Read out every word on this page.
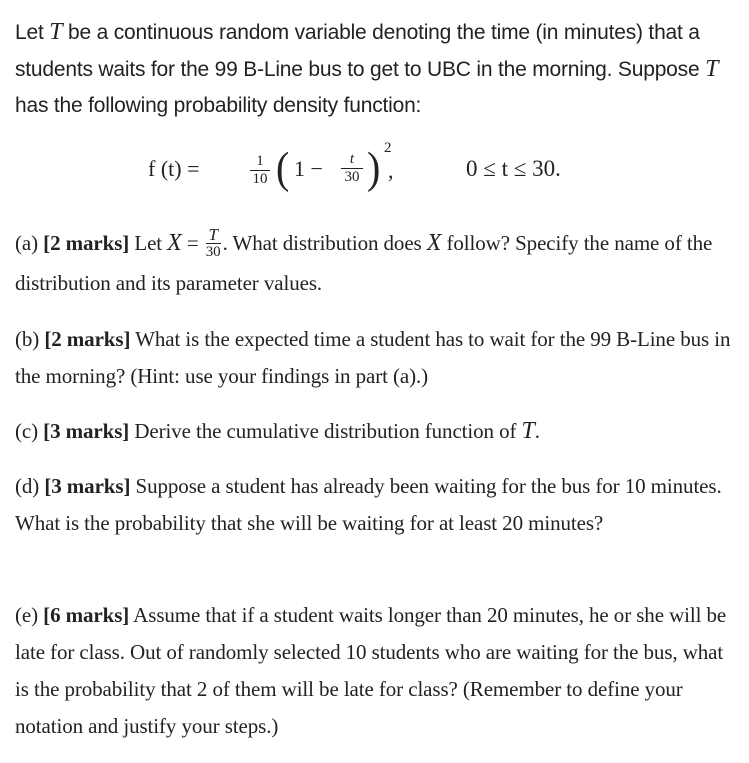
Let T be a continuous random variable denoting the time (in minutes) that a students waits for the 99 B-Line bus to get to UBC in the morning. Suppose T has the following probability density function:
f (t) =	1
10 ( 1 −	t
30 ) 2
,	0 ≤ t ≤ 30.
(a) [2 marks] Let $X = \frac{T}{30}$ . What distribution does X follow? Specify the name of the distribution and its parameter values.
(b) [2 marks] What is the expected time a student has to wait for the 99 B-Line bus in the morning? (Hint: use your findings in part (a).)
(c) [3 marks] Derive the cumulative distribution function of T.
(d) [3 marks] Suppose a student has already been waiting for the bus for 10 minutes. What is the probability that she will be waiting for at least 20 minutes?
(e) [6 marks] Assume that if a student waits longer than 20 minutes, he or she will be late for class. Out of randomly selected 10 students who are waiting for the bus, what is the probability that 2 of them will be late for class? (Remember to define your notation and justify your steps.)
